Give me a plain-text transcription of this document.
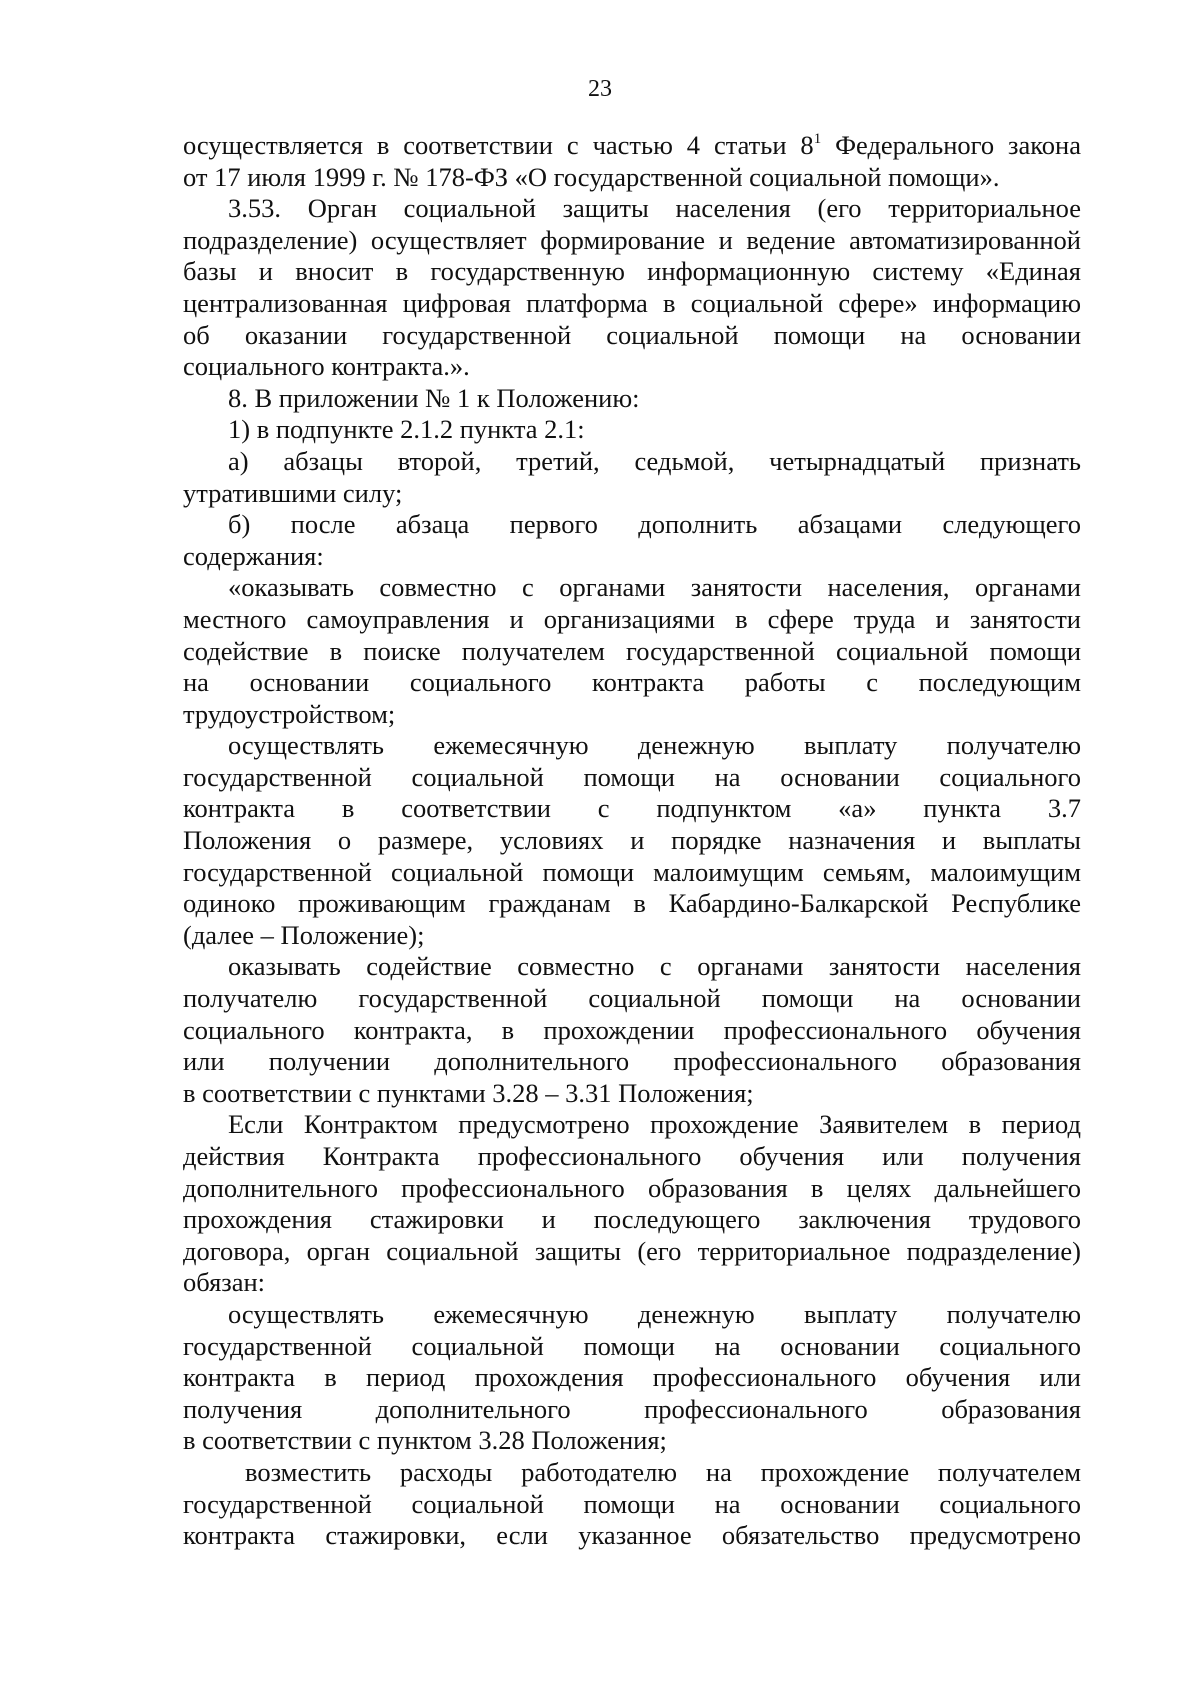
23
осуществляется в соответствии с частью 4 статьи $8^1$ Федерального закона
от 17 июля 1999 г. № 178-ФЗ «О государственной социальной помощи».
3.53. Орган социальной защиты населения (его территориальное
подразделение) осуществляет формирование и ведение автоматизированной
базы и вносит в государственную информационную систему «Единая
централизованная цифровая платформа в социальной сфере» информацию
об оказании государственной социальной помощи на основании
социального контракта.».
8. В приложении № 1 к Положению:
1) в подпункте 2.1.2 пункта 2.1:
а) абзацы второй, третий, седьмой, четырнадцатый признать
утратившими силу;
б) после абзаца первого дополнить абзацами следующего
содержания:
«оказывать совместно с органами занятости населения, органами
местного самоуправления и организациями в сфере труда и занятости
содействие в поиске получателем государственной социальной помощи
на основании социального контракта работы с последующим
трудоустройством;
осуществлять ежемесячную денежную выплату получателю
государственной социальной помощи на основании социального
контракта в соответствии с подпунктом «а» пункта 3.7
Положения о размере, условиях и порядке назначения и выплаты
государственной социальной помощи малоимущим семьям, малоимущим
одиноко проживающим гражданам в Кабардино-Балкарской Республике
(далее – Положение);
оказывать содействие совместно с органами занятости населения
получателю государственной социальной помощи на основании
социального контракта, в прохождении профессионального обучения
или получении дополнительного профессионального образования
в соответствии с пунктами 3.28 – 3.31 Положения;
Если Контрактом предусмотрено прохождение Заявителем в период
действия Контракта профессионального обучения или получения
дополнительного профессионального образования в целях дальнейшего
прохождения стажировки и последующего заключения трудового
договора, орган социальной защиты (его территориальное подразделение)
обязан:
осуществлять ежемесячную денежную выплату получателю
государственной социальной помощи на основании социального
контракта в период прохождения профессионального обучения или
получения дополнительного профессионального образования
в соответствии с пунктом 3.28 Положения;
возместить расходы работодателю на прохождение получателем
государственной социальной помощи на основании социального
контракта стажировки, если указанное обязательство предусмотрено
